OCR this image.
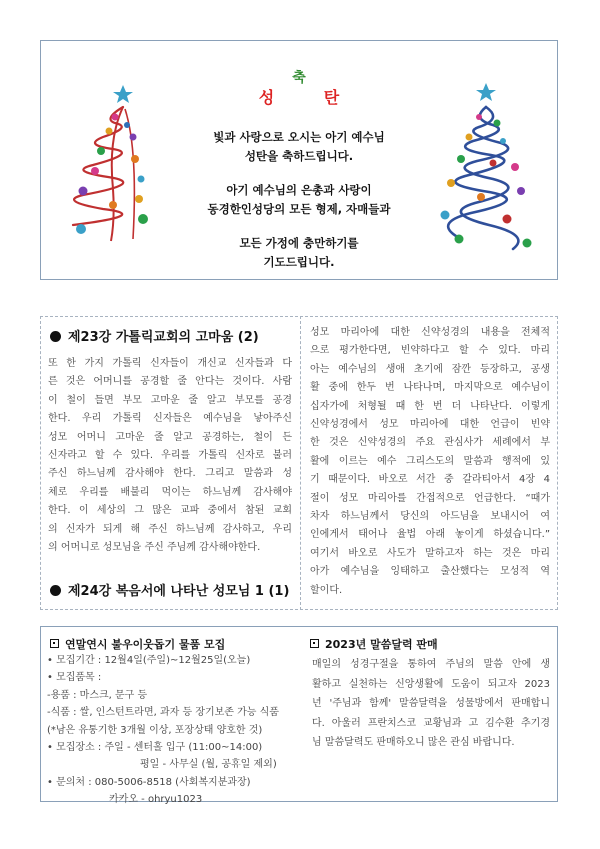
축
성	탄
빛과 사랑으로 오시는 아기 예수님
성탄을 축하드립니다.
아기 예수님의 은총과 사랑이
동경한인성당의 모든 형제, 자매들과
모든 가정에 충만하기를
기도드립니다.
제23강 가톨릭교회의 고마움 (2)
또 한 가지 가톨릭 신자들이 개신교 신자들과 다
른 것은 어머니를 공경할 줄 안다는 것이다. 사람
이 철이 들면 부모 고마운 줄 알고 부모를 공경
한다. 우리 가톨릭 신자들은 예수님을 낳아주신
성모 어머니 고마운 줄 알고 공경하는, 철이 든
신자라고 할 수 있다. 우리를 가톨릭 신자로 불러
주신 하느님께 감사해야 한다. 그리고 말씀과 성
체로 우리를 배불리 먹이는 하느님께 감사해야
한다. 이 세상의 그 많은 교파 중에서 참된 교회
의 신자가 되게 해 주신 하느님께 감사하고, 우리
의 어머니로 성모님을 주신 주님께 감사해야한다.
제24강 복음서에 나타난 성모님 1 (1)
성모 마리아에 대한 신약성경의 내용을 전체적
으로 평가한다면, 빈약하다고 할 수 있다. 마리
아는 예수님의 생애 초기에 잠깐 등장하고, 공생
활 중에 한두 번 나타나며, 마지막으로 예수님이
십자가에 처형될 때 한 번 더 나타난다. 이렇게
신약성경에서 성모 마리아에 대한 언급이 빈약
한 것은 신약성경의 주요 관심사가 세례에서 부
활에 이르는 예수 그리스도의 말씀과 행적에 있
기 때문이다. 바오로 서간 중 갈라티아서 4장 4
절이 성모 마리아를 간접적으로 언급한다. “때가
차자 하느님께서 당신의 아드님을 보내시어 여
인에게서 태어나 율법 아래 놓이게 하셨습니다.”
여기서 바오로 사도가 말하고자 하는 것은 마리
아가 예수님을 잉태하고 출산했다는 모성적 역
할이다.
연말연시 불우이웃돕기 물품 모집
• 모집기간 : 12월4일(주일)~12월25일(오늘)
• 모집품목 :
-용품 : 마스크, 문구 등
-식품 : 쌀, 인스턴트라면, 과자 등 장기보존 가능 식품
(*남은 유통기한 3개월 이상, 포장상태 양호한 것)
• 모집장소 : 주일 - 센터홀 입구 (11:00~14:00)
평일 - 사무실 (월, 공휴일 제외)
• 문의처 : 080-5006-8518 (사회복지분과장)
카카오 - ohryu1023
2023년 말씀달력 판매
매일의 성경구절을 통하여 주님의 말씀 안에 생
활하고 실천하는 신앙생활에 도움이 되고자 2023
년 '주님과 함께' 말씀달력을 성물방에서 판매합니
다. 아울러 프란치스코 교황님과 고 김수환 추기경
님 말씀달력도 판매하오니 많은 관심 바랍니다.
